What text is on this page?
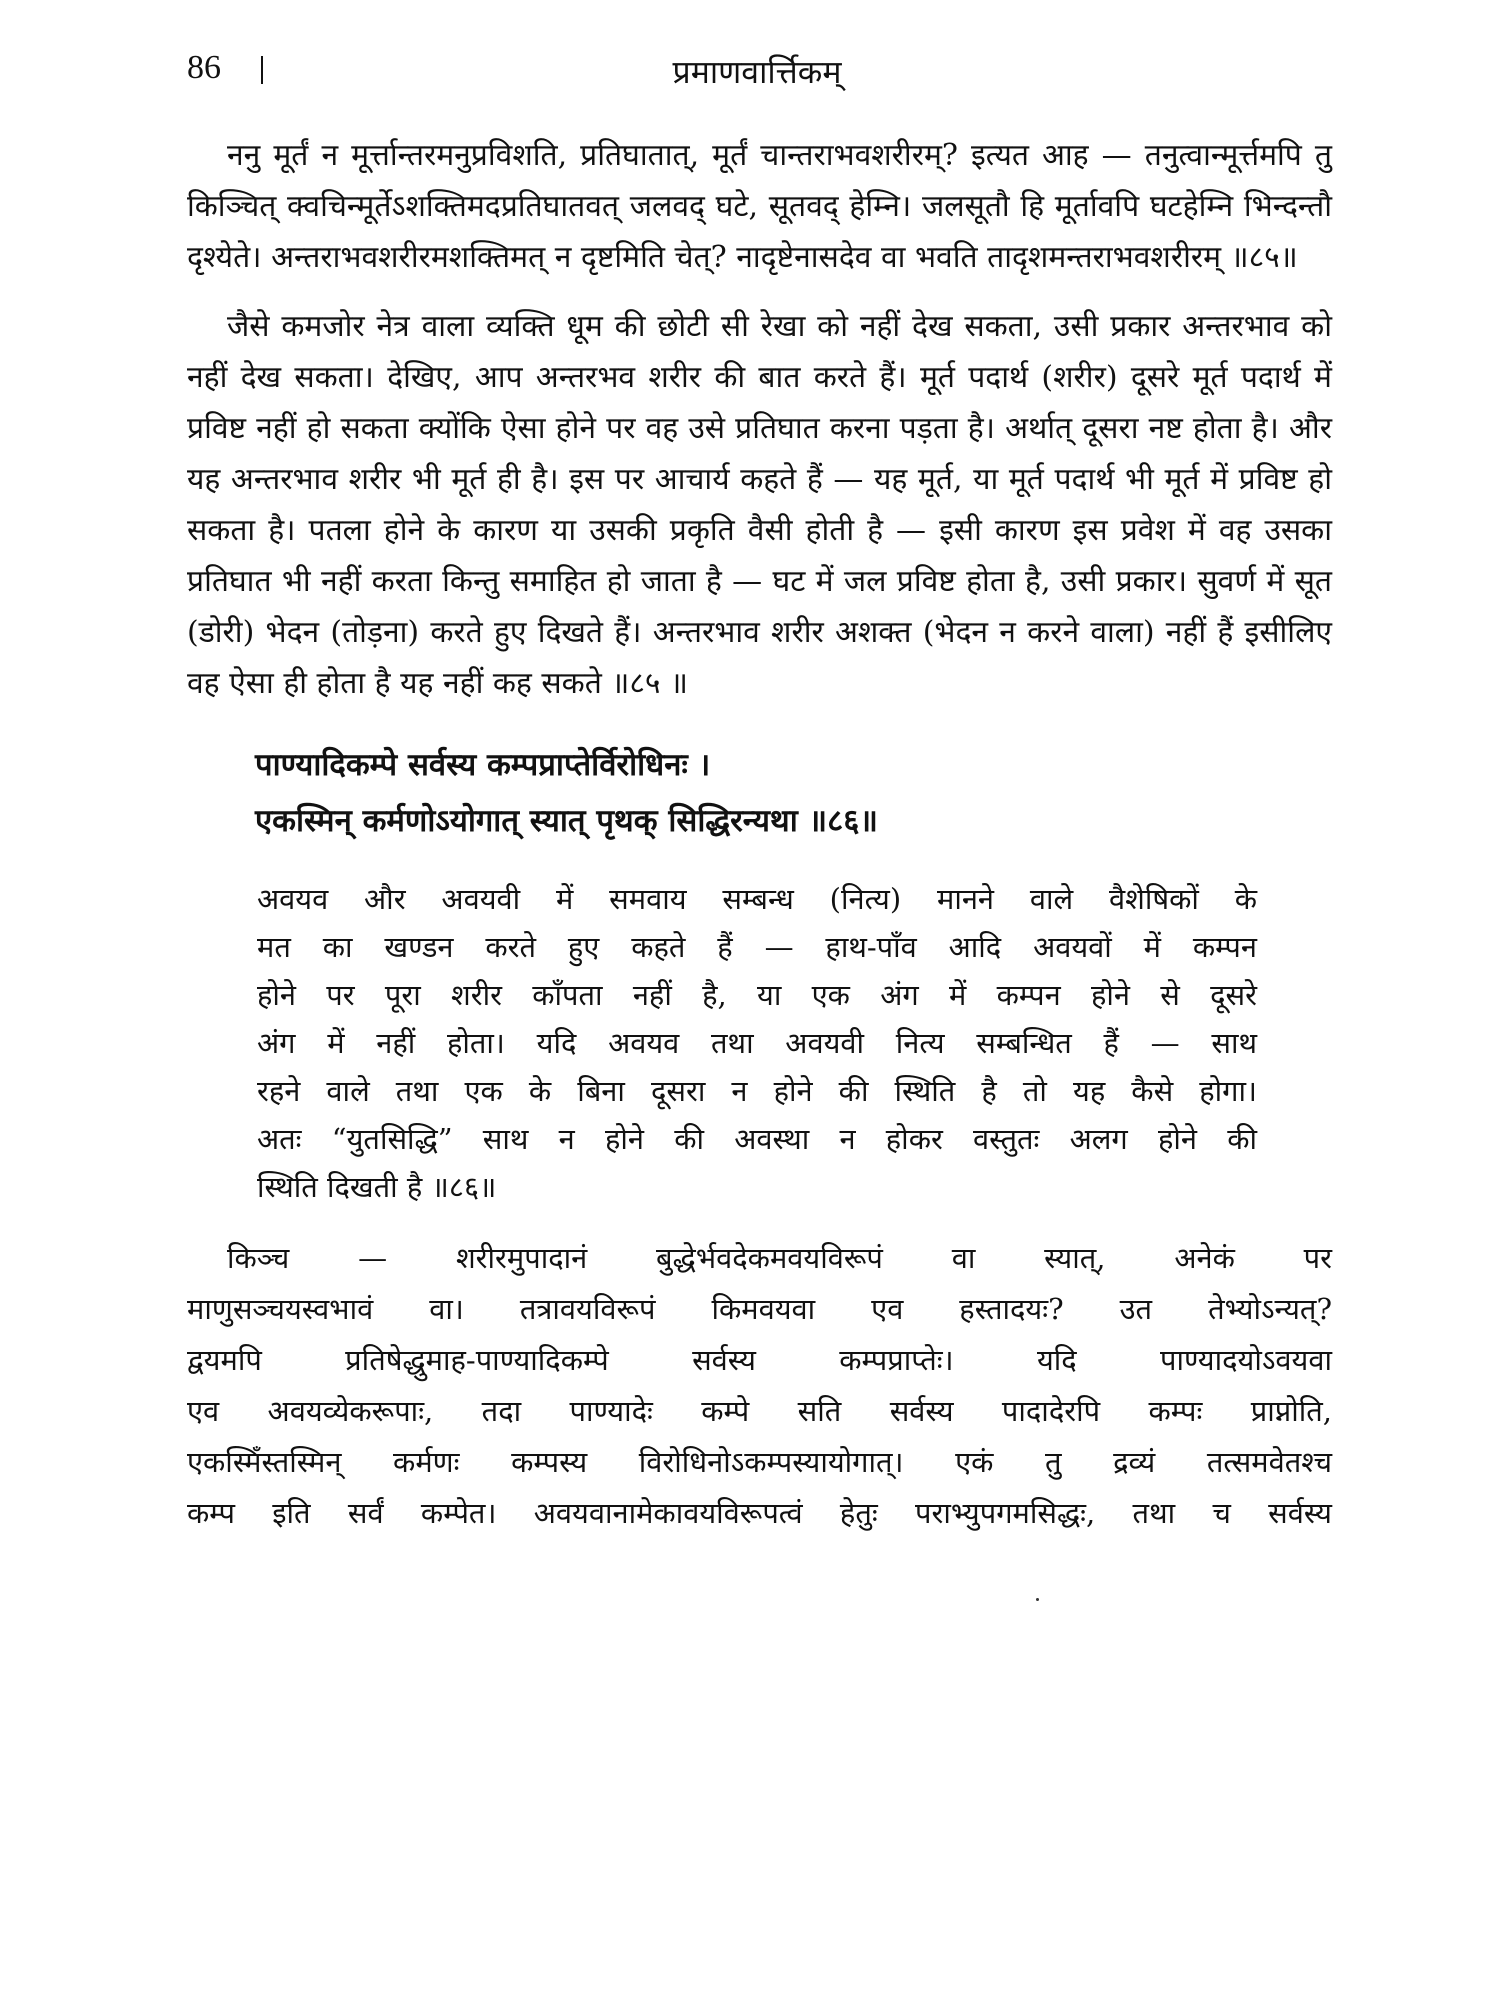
86	प्रमाणवार्त्तिकम्

ननु मूर्तं न मूर्त्तान्तरमनुप्रविशति, प्रतिघातात्, मूर्तं चान्तराभवशरीरम्? इत्यत आह — तनुत्वान्मूर्त्तमपि तु किञ्चित् क्वचिन्मूर्तेऽशक्तिमदप्रतिघातवत् जलवद् घटे, सूतवद् हेम्नि। जलसूतौ हि मूर्तावपि घटहेम्नि भिन्दन्तौ दृश्येते। अन्तराभवशरीरमशक्तिमत् न दृष्टमिति चेत्? नादृष्टेनासदेव वा भवति तादृशमन्तराभवशरीरम् ॥८५॥

जैसे कमजोर नेत्र वाला व्यक्ति धूम की छोटी सी रेखा को नहीं देख सकता, उसी प्रकार अन्तरभाव को नहीं देख सकता। देखिए, आप अन्तरभव शरीर की बात करते हैं। मूर्त पदार्थ (शरीर) दूसरे मूर्त पदार्थ में प्रविष्ट नहीं हो सकता क्योंकि ऐसा होने पर वह उसे प्रतिघात करना पड़ता है। अर्थात् दूसरा नष्ट होता है। और यह अन्तरभाव शरीर भी मूर्त ही है। इस पर आचार्य कहते हैं — यह मूर्त, या मूर्त पदार्थ भी मूर्त में प्रविष्ट हो सकता है। पतला होने के कारण या उसकी प्रकृति वैसी होती है — इसी कारण इस प्रवेश में वह उसका प्रतिघात भी नहीं करता किन्तु समाहित हो जाता है — घट में जल प्रविष्ट होता है, उसी प्रकार। सुवर्ण में सूत (डोरी) भेदन (तोड़ना) करते हुए दिखते हैं। अन्तरभाव शरीर अशक्त (भेदन न करने वाला) नहीं हैं इसीलिए वह ऐसा ही होता है यह नहीं कह सकते ॥८५ ॥

पाण्यादिकम्पे सर्वस्य कम्पप्राप्तेर्विरोधिनः ।

एकस्मिन् कर्मणोऽयोगात् स्यात् पृथक् सिद्धिरन्यथा ॥८६॥

अवयव और अवयवी में समवाय सम्बन्ध (नित्य) मानने वाले वैशेषिकों के

मत का खण्डन करते हुए कहते हैं — हाथ-पाँव आदि अवयवों में कम्पन

होने पर पूरा शरीर काँपता नहीं है, या एक अंग में कम्पन होने से दूसरे

अंग में नहीं होता। यदि अवयव तथा अवयवी नित्य सम्बन्धित हैं — साथ

रहने वाले तथा एक के बिना दूसरा न होने की स्थिति है तो यह कैसे होगा।

अतः “युतसिद्धि” साथ न होने की अवस्था न होकर वस्तुतः अलग होने की

स्थिति दिखती है ॥८६॥

किञ्च — शरीरमुपादानं बुद्धेर्भवदेकमवयविरूपं वा स्यात्, अनेकं पर

माणुसञ्चयस्वभावं वा। तत्रावयविरूपं किमवयवा एव हस्तादयः? उत तेभ्योऽन्यत्?

द्वयमपि प्रतिषेद्धुमाह-पाण्यादिकम्पे सर्वस्य कम्पप्राप्तेः। यदि पाण्यादयोऽवयवा

एव अवयव्येकरूपाः, तदा पाण्यादेः कम्पे सति सर्वस्य पादादेरपि कम्पः प्राप्नोति,

एकस्मिँस्तस्मिन् कर्मणः कम्पस्य विरोधिनोऽकम्पस्यायोगात्। एकं तु द्रव्यं तत्समवेतश्च

कम्प इति सर्वं कम्पेत। अवयवानामेकावयविरूपत्वं हेतुः पराभ्युपगमसिद्धः, तथा च सर्वस्य
